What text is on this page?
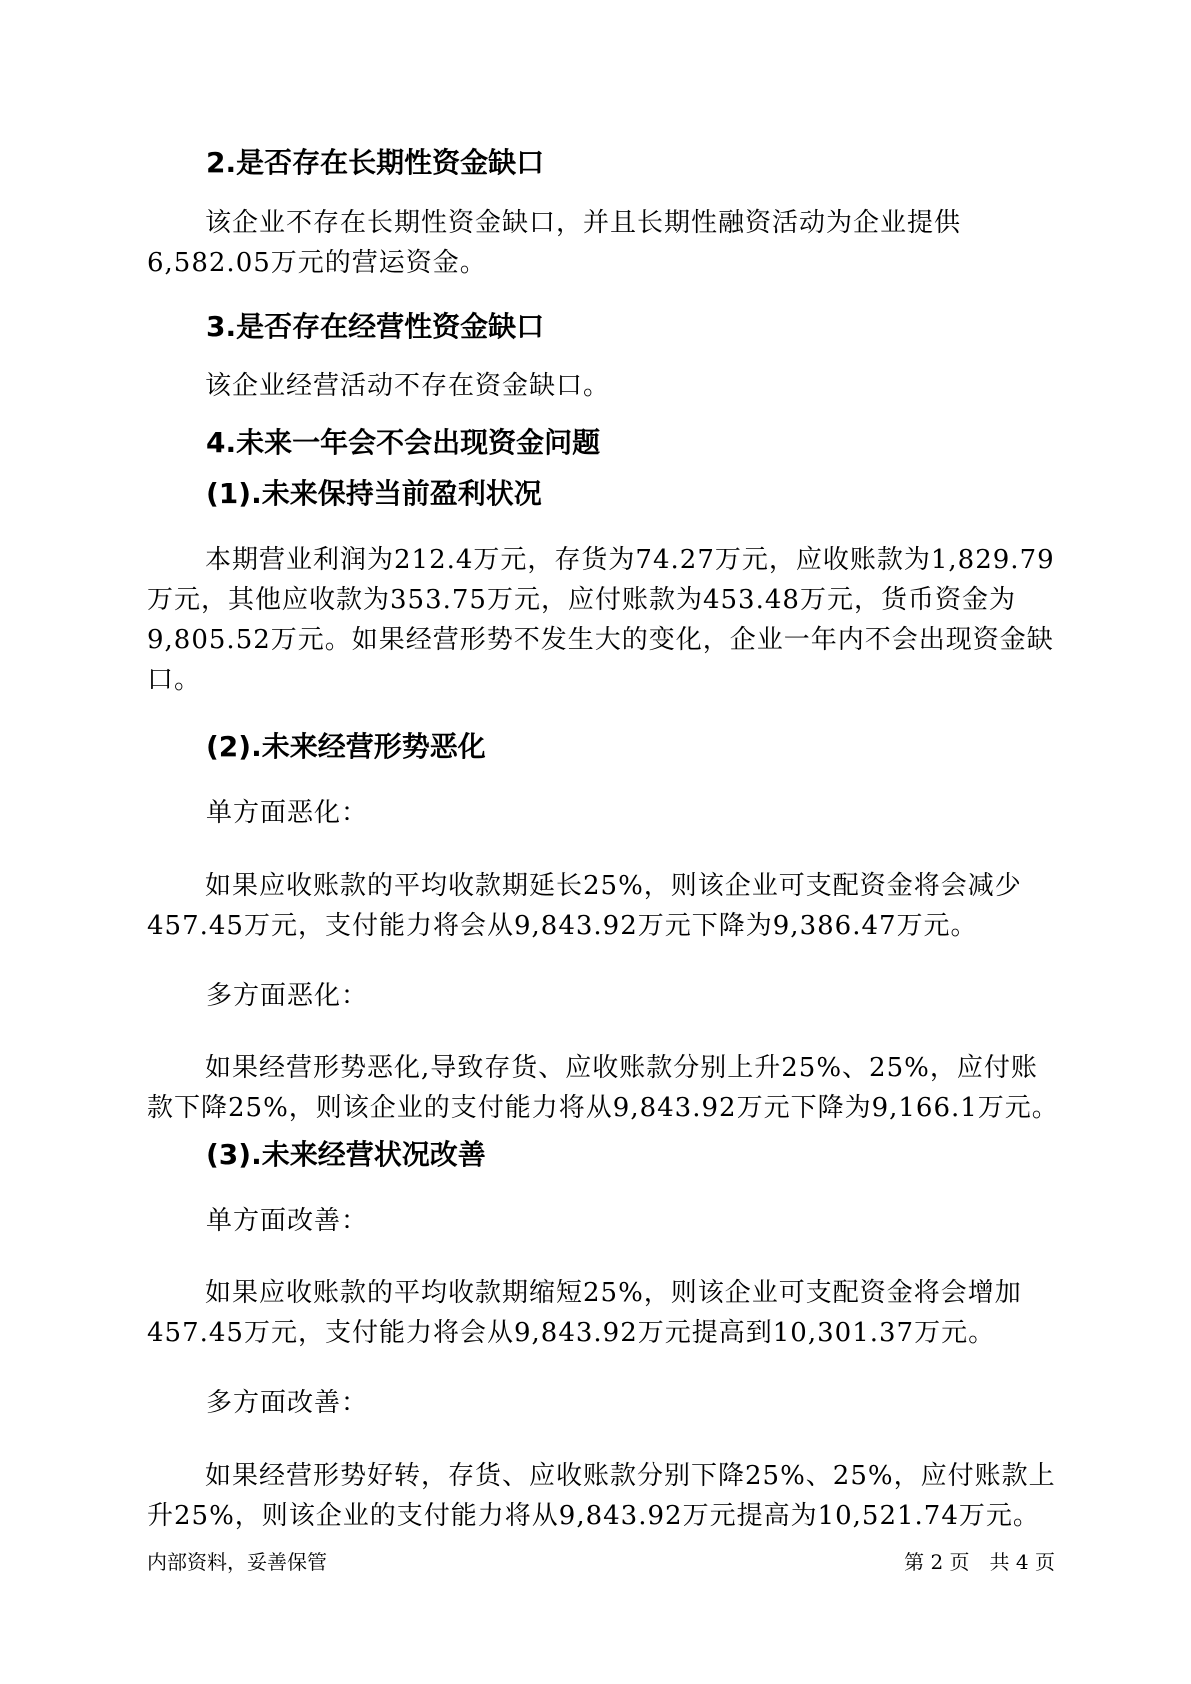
2.是否存在长期性资金缺口

该企业不存在长期性资金缺口，并且长期性融资活动为企业提供6,582.05万元的营运资金。

3.是否存在经营性资金缺口

该企业经营活动不存在资金缺口。

4.未来一年会不会出现资金问题
(1).未来保持当前盈利状况

本期营业利润为212.4万元，存货为74.27万元，应收账款为1,829.79万元，其他应收款为353.75万元，应付账款为453.48万元，货币资金为9,805.52万元。如果经营形势不发生大的变化，企业一年内不会出现资金缺口。

(2).未来经营形势恶化
单方面恶化：

如果应收账款的平均收款期延长25%，则该企业可支配资金将会减少457.45万元，支付能力将会从9,843.92万元下降为9,386.47万元。

多方面恶化：

如果经营形势恶化,导致存货、应收账款分别上升25%、25%，应付账款下降25%，则该企业的支付能力将从9,843.92万元下降为9,166.1万元。

(3).未来经营状况改善
单方面改善：

如果应收账款的平均收款期缩短25%，则该企业可支配资金将会增加457.45万元，支付能力将会从9,843.92万元提高到10,301.37万元。

多方面改善：

如果经营形势好转，存货、应收账款分别下降25%、25%，应付账款上升25%，则该企业的支付能力将从9,843.92万元提高为10,521.74万元。

内部资料，妥善保管	第 2 页　共 4 页
